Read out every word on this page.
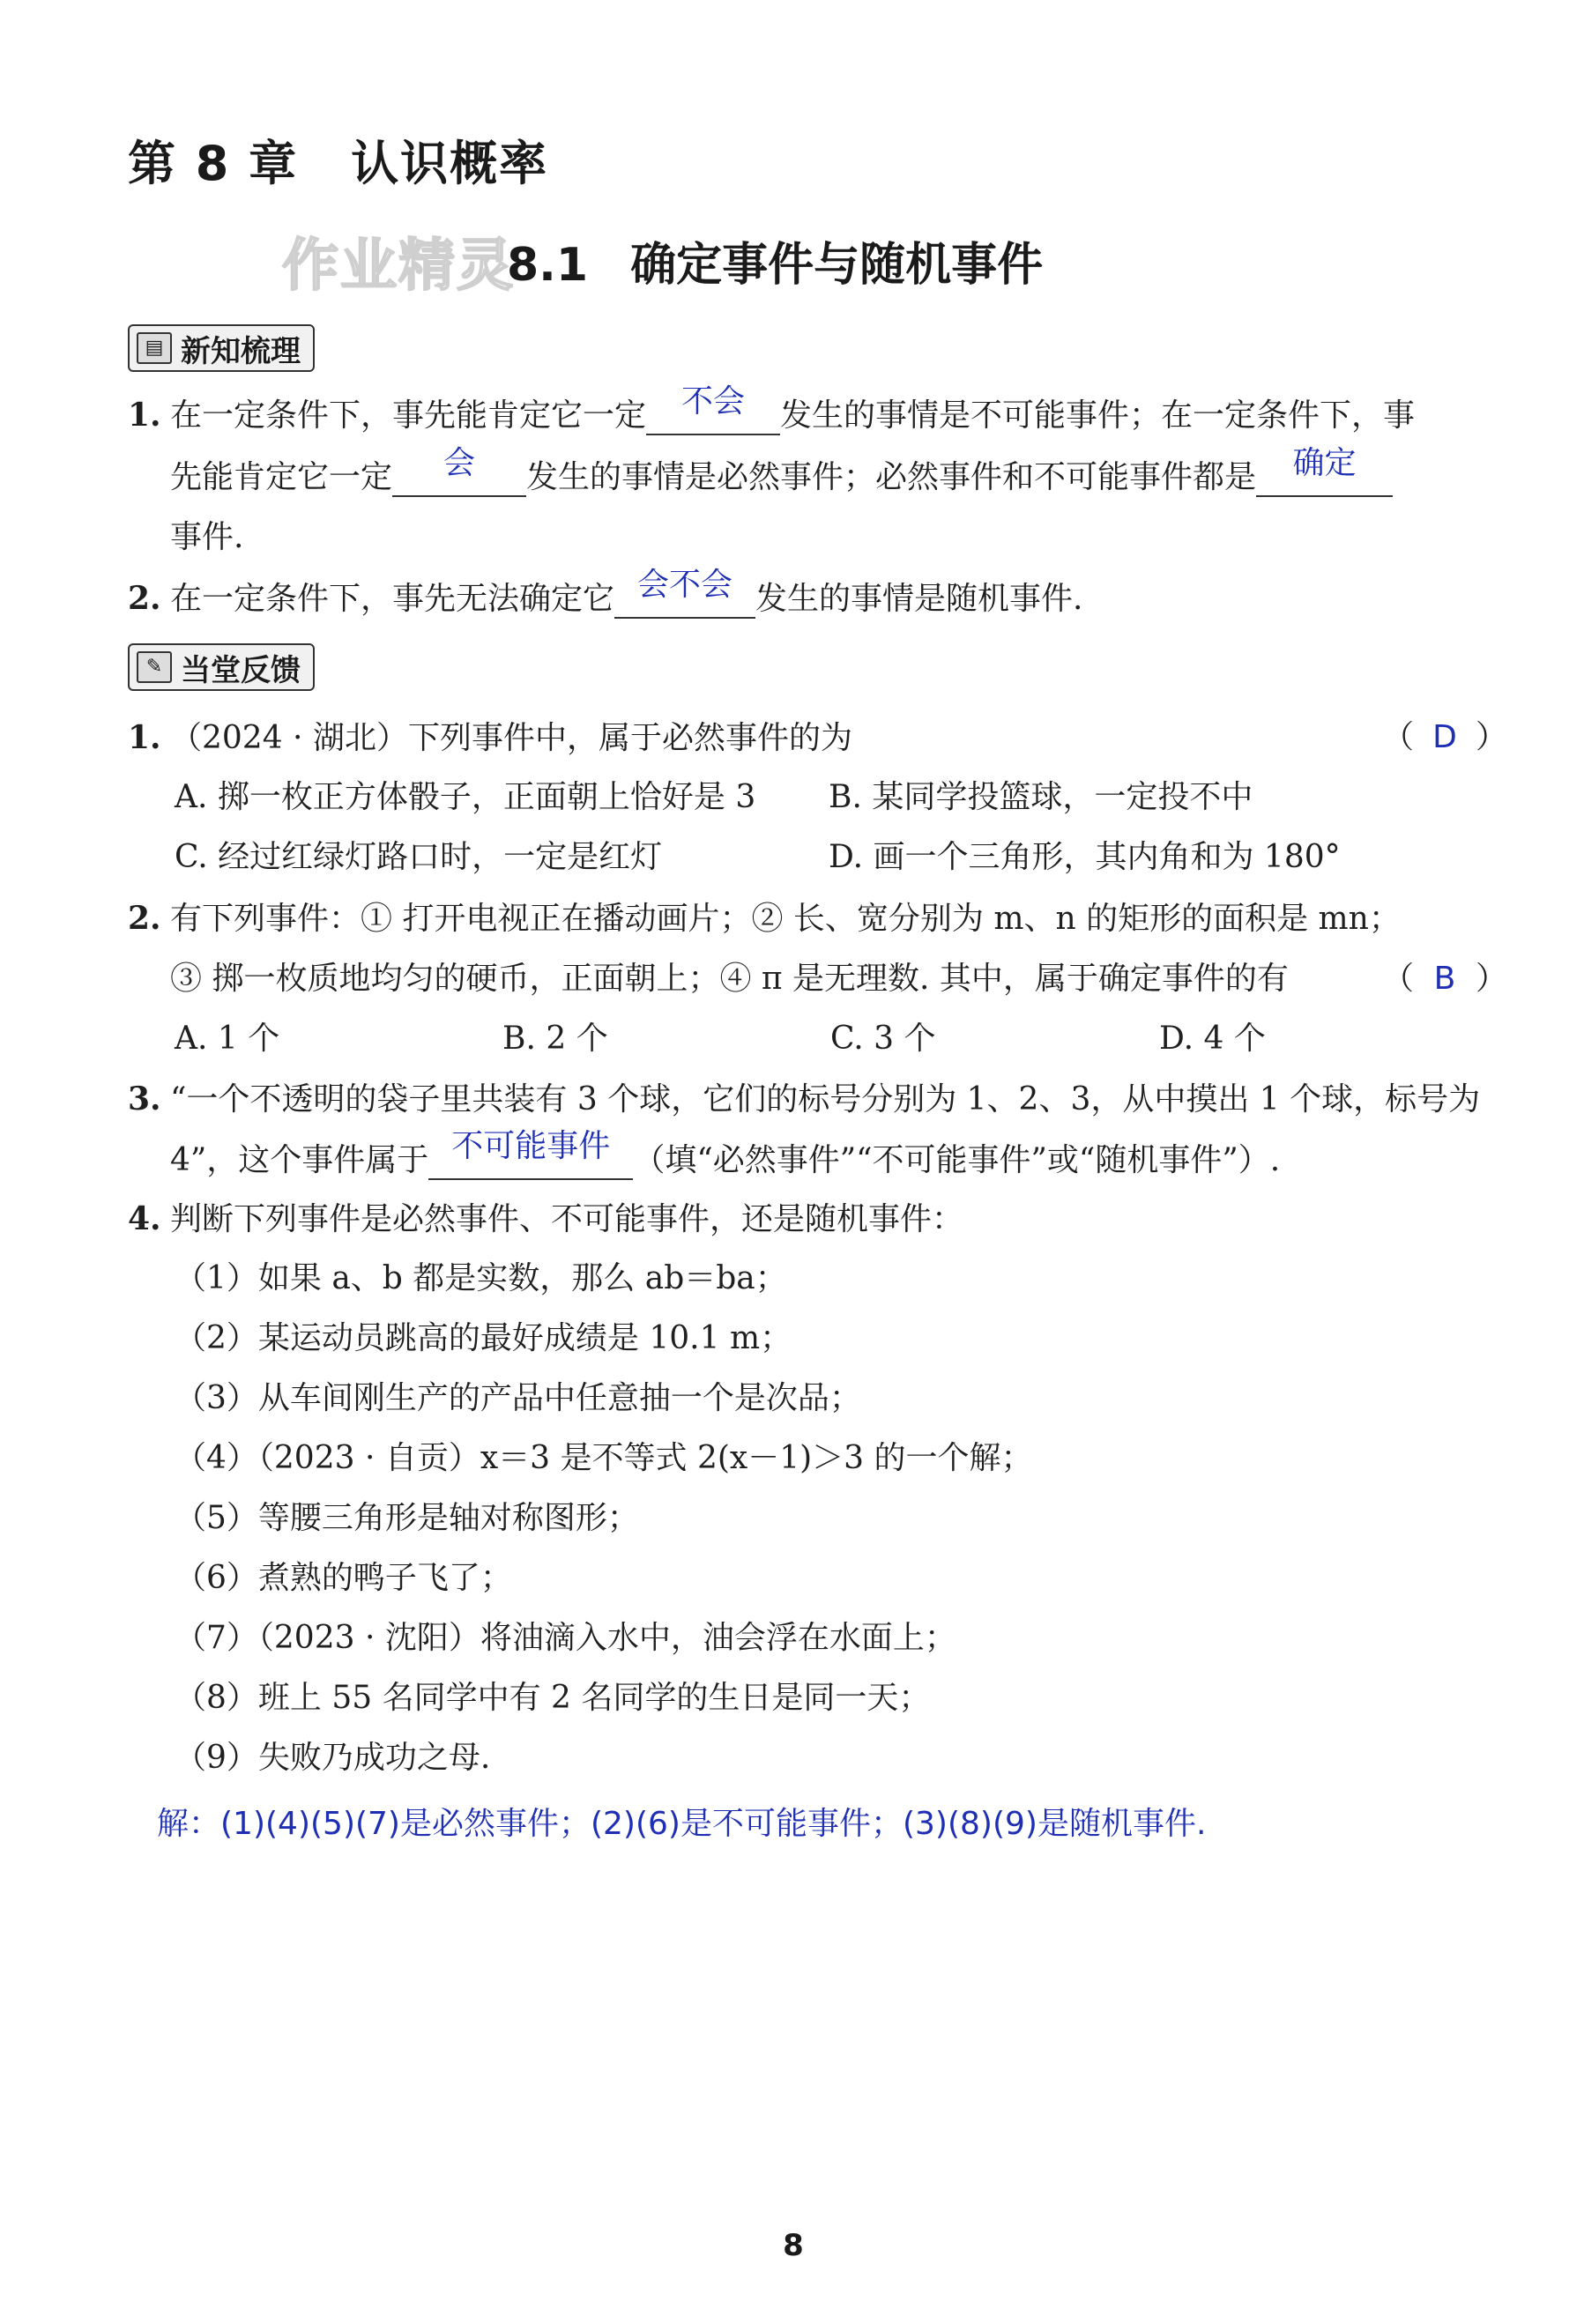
第 8 章 认识概率
作业精灵
8.1 确定事件与随机事件
▤ 新知梳理
1. 在一定条件下，事先能肯定它一定	不会	发生的事情是不可能事件；在一定条件下，事
先能肯定它一定	会	发生的事情是必然事件；必然事件和不可能事件都是	确定
事件.
2. 在一定条件下，事先无法确定它 会不会 发生的事情是随机事件.
✎ 当堂反馈
1. （2024 · 湖北）下列事件中，属于必然事件的为	（ D ）
A. 掷一枚正方体骰子，正面朝上恰好是 3 B. 某同学投篮球，一定投不中
C. 经过红绿灯路口时，一定是红灯	D. 画一个三角形，其内角和为 180°
2. 有下列事件：① 打开电视正在播动画片；② 长、宽分别为 m、n 的矩形的面积是 mn；
③ 掷一枚质地均匀的硬币，正面朝上；④ π 是无理数. 其中，属于确定事件的有	（ B ）
A. 1 个	B. 2 个	C. 3 个	D. 4 个
3. “一个不透明的袋子里共装有 3 个球，它们的标号分别为 1、2、3，从中摸出 1 个球，标号为
4”，这个事件属于 不可能事件 （填“必然事件”“不可能事件”或“随机事件”）.
4. 判断下列事件是必然事件、不可能事件，还是随机事件：
（1）如果 a、b 都是实数，那么 ab＝ba；
（2）某运动员跳高的最好成绩是 10.1 m；
（3）从车间刚生产的产品中任意抽一个是次品；
（4）（2023 · 自贡）x＝3 是不等式 2(x－1)＞3 的一个解；
（5）等腰三角形是轴对称图形；
（6）煮熟的鸭子飞了；
（7）（2023 · 沈阳）将油滴入水中，油会浮在水面上；
（8）班上 55 名同学中有 2 名同学的生日是同一天；
（9）失败乃成功之母.
解：(1)(4)(5)(7)是必然事件；(2)(6)是不可能事件；(3)(8)(9)是随机事件.
8
